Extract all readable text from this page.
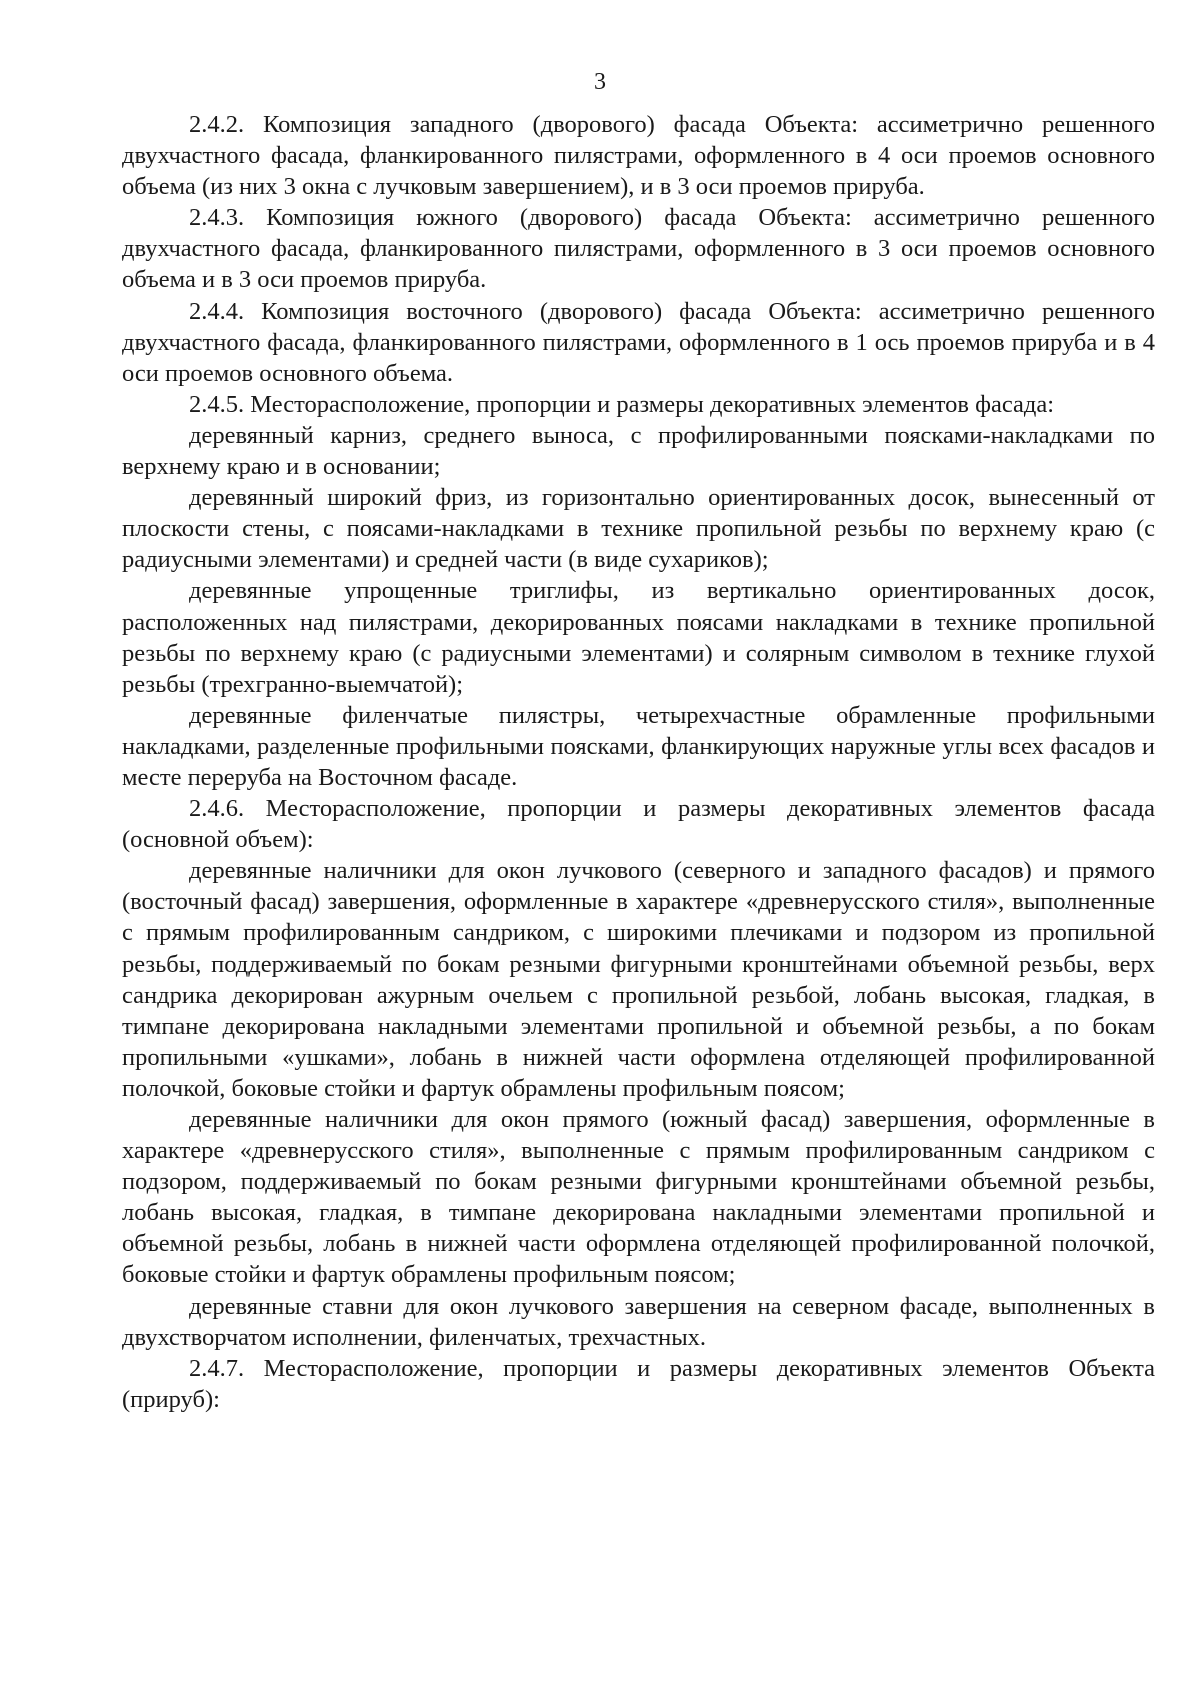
3

2.4.2. Композиция западного (дворового) фасада Объекта: ассиметрично решенного двухчастного фасада, фланкированного пилястрами, оформленного в 4 оси проемов основного объема (из них 3 окна с лучковым завершением), и в 3 оси проемов прируба.

2.4.3. Композиция южного (дворового) фасада Объекта: ассиметрично решенного двухчастного фасада, фланкированного пилястрами, оформленного в 3 оси проемов основного объема и в 3 оси проемов прируба.

2.4.4. Композиция восточного (дворового) фасада Объекта: ассиметрично решенного двухчастного фасада, фланкированного пилястрами, оформленного в 1 ось проемов прируба и в 4 оси проемов основного объема.

2.4.5. Месторасположение, пропорции и размеры декоративных элементов фасада:

деревянный карниз, среднего выноса, с профилированными поясками-накладками по верхнему краю и в основании;

деревянный широкий фриз, из горизонтально ориентированных досок, вынесенный от плоскости стены, с поясами-накладками в технике пропильной резьбы по верхнему краю (с радиусными элементами) и средней части (в виде сухариков);

деревянные упрощенные триглифы, из вертикально ориентированных досок, расположенных над пилястрами, декорированных поясами накладками в технике пропильной резьбы по верхнему краю (с радиусными элементами) и солярным символом в технике глухой резьбы (трехгранно-выемчатой);

деревянные филенчатые пилястры, четырехчастные обрамленные профильными накладками, разделенные профильными поясками, фланкирующих наружные углы всех фасадов и месте переруба на Восточном фасаде.

2.4.6. Месторасположение, пропорции и размеры декоративных элементов фасада (основной объем):

деревянные наличники для окон лучкового (северного и западного фасадов) и прямого (восточный фасад) завершения, оформленные в характере «древнерусского стиля», выполненные с прямым профилированным сандриком, с широкими плечиками и подзором из пропильной резьбы, поддерживаемый по бокам резными фигурными кронштейнами объемной резьбы, верх сандрика декорирован ажурным очельем с пропильной резьбой, лобань высокая, гладкая, в тимпане декорирована накладными элементами пропильной и объемной резьбы, а по бокам пропильными «ушками», лобань в нижней части оформлена отделяющей профилированной полочкой, боковые стойки и фартук обрамлены профильным поясом;

деревянные наличники для окон прямого (южный фасад) завершения, оформленные в характере «древнерусского стиля», выполненные с прямым профилированным сандриком с подзором, поддерживаемый по бокам резными фигурными кронштейнами объемной резьбы, лобань высокая, гладкая, в тимпане декорирована накладными элементами пропильной и объемной резьбы, лобань в нижней части оформлена отделяющей профилированной полочкой, боковые стойки и фартук обрамлены профильным поясом;

деревянные ставни для окон лучкового завершения на северном фасаде, выполненных в двухстворчатом исполнении, филенчатых, трехчастных.

2.4.7. Месторасположение, пропорции и размеры декоративных элементов Объекта (прируб):
